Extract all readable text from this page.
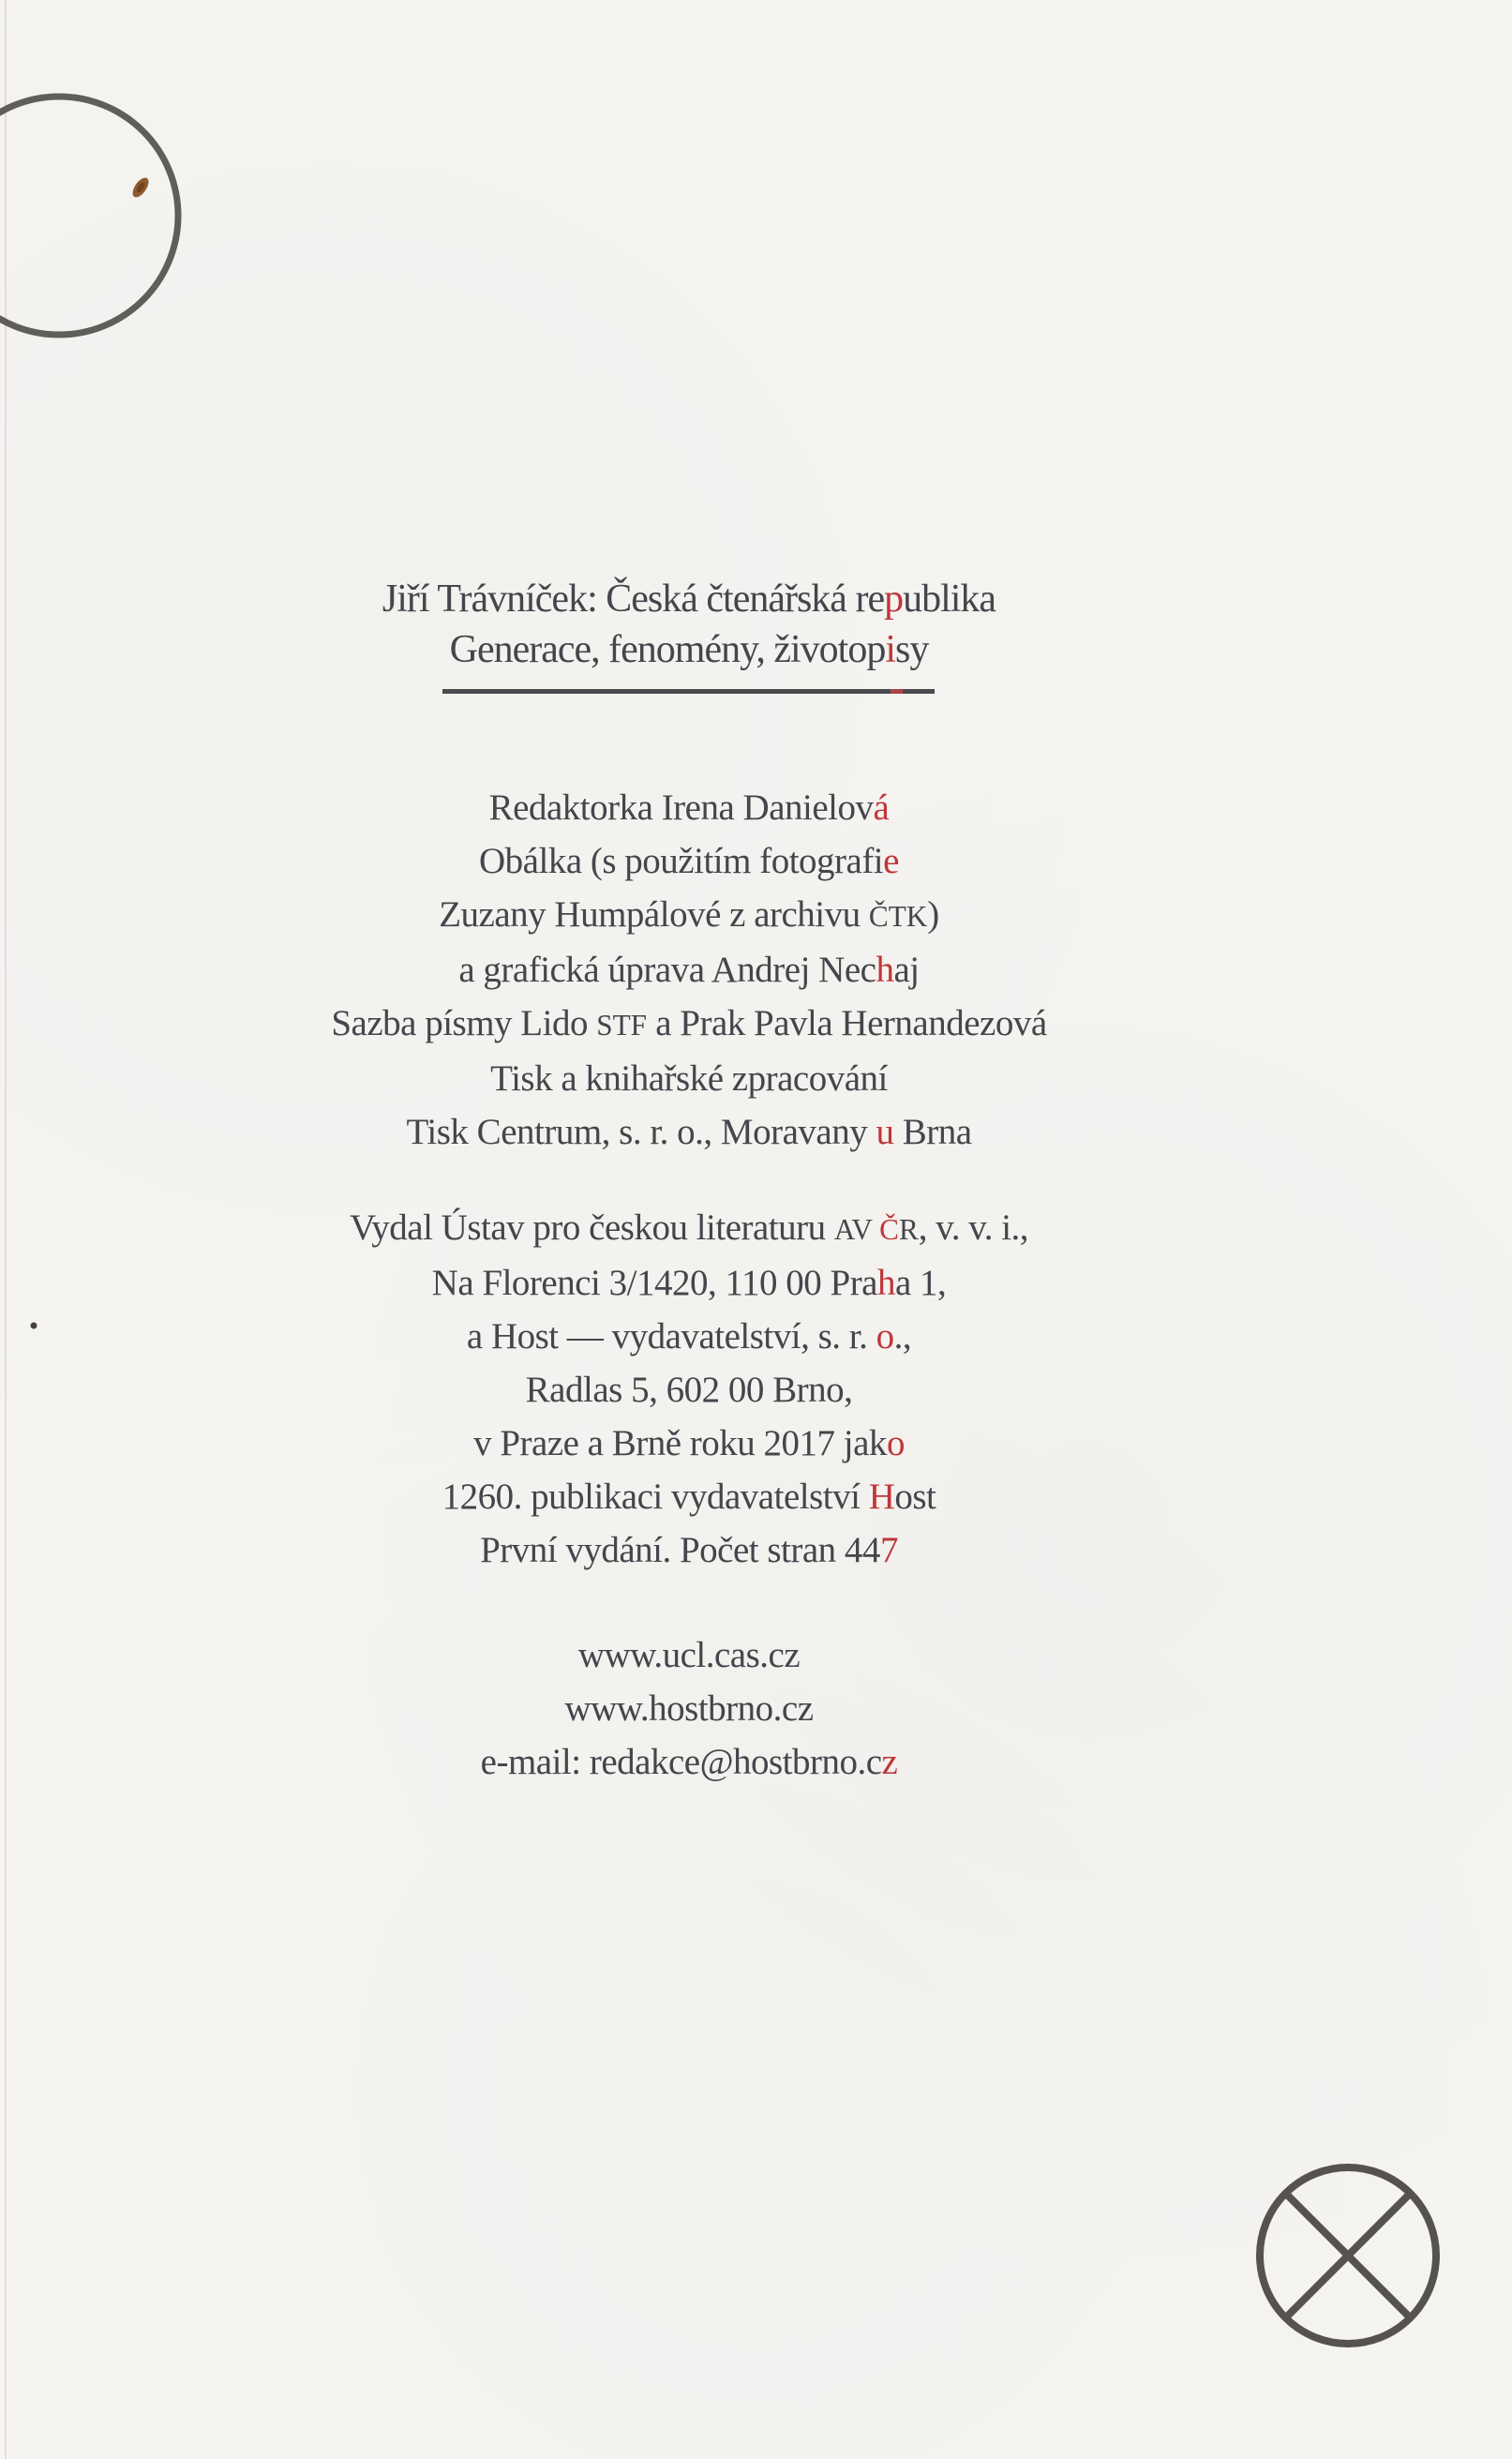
Jiří Trávníček: Česká čtenářská republika
Generace, fenomény, životopisy
Redaktorka Irena Danielová
Obálka (s použitím fotografie
Zuzany Humpálové z archivu ČTK)
a grafická úprava Andrej Nechaj
Sazba písmy Lido STF a Prak Pavla Hernandezová
Tisk a knihařské zpracování
Tisk Centrum, s. r. o., Moravany u Brna
Vydal Ústav pro českou literaturu AV ČR, v. v. i.,
Na Florenci 3/1420, 110 00 Praha 1,
a Host — vydavatelství, s. r. o.,
Radlas 5, 602 00 Brno,
v Praze a Brně roku 2017 jako
1260. publikaci vydavatelství Host
První vydání. Počet stran 447
www.ucl.cas.cz
www.hostbrno.cz
e-mail: redakce@hostbrno.cz
